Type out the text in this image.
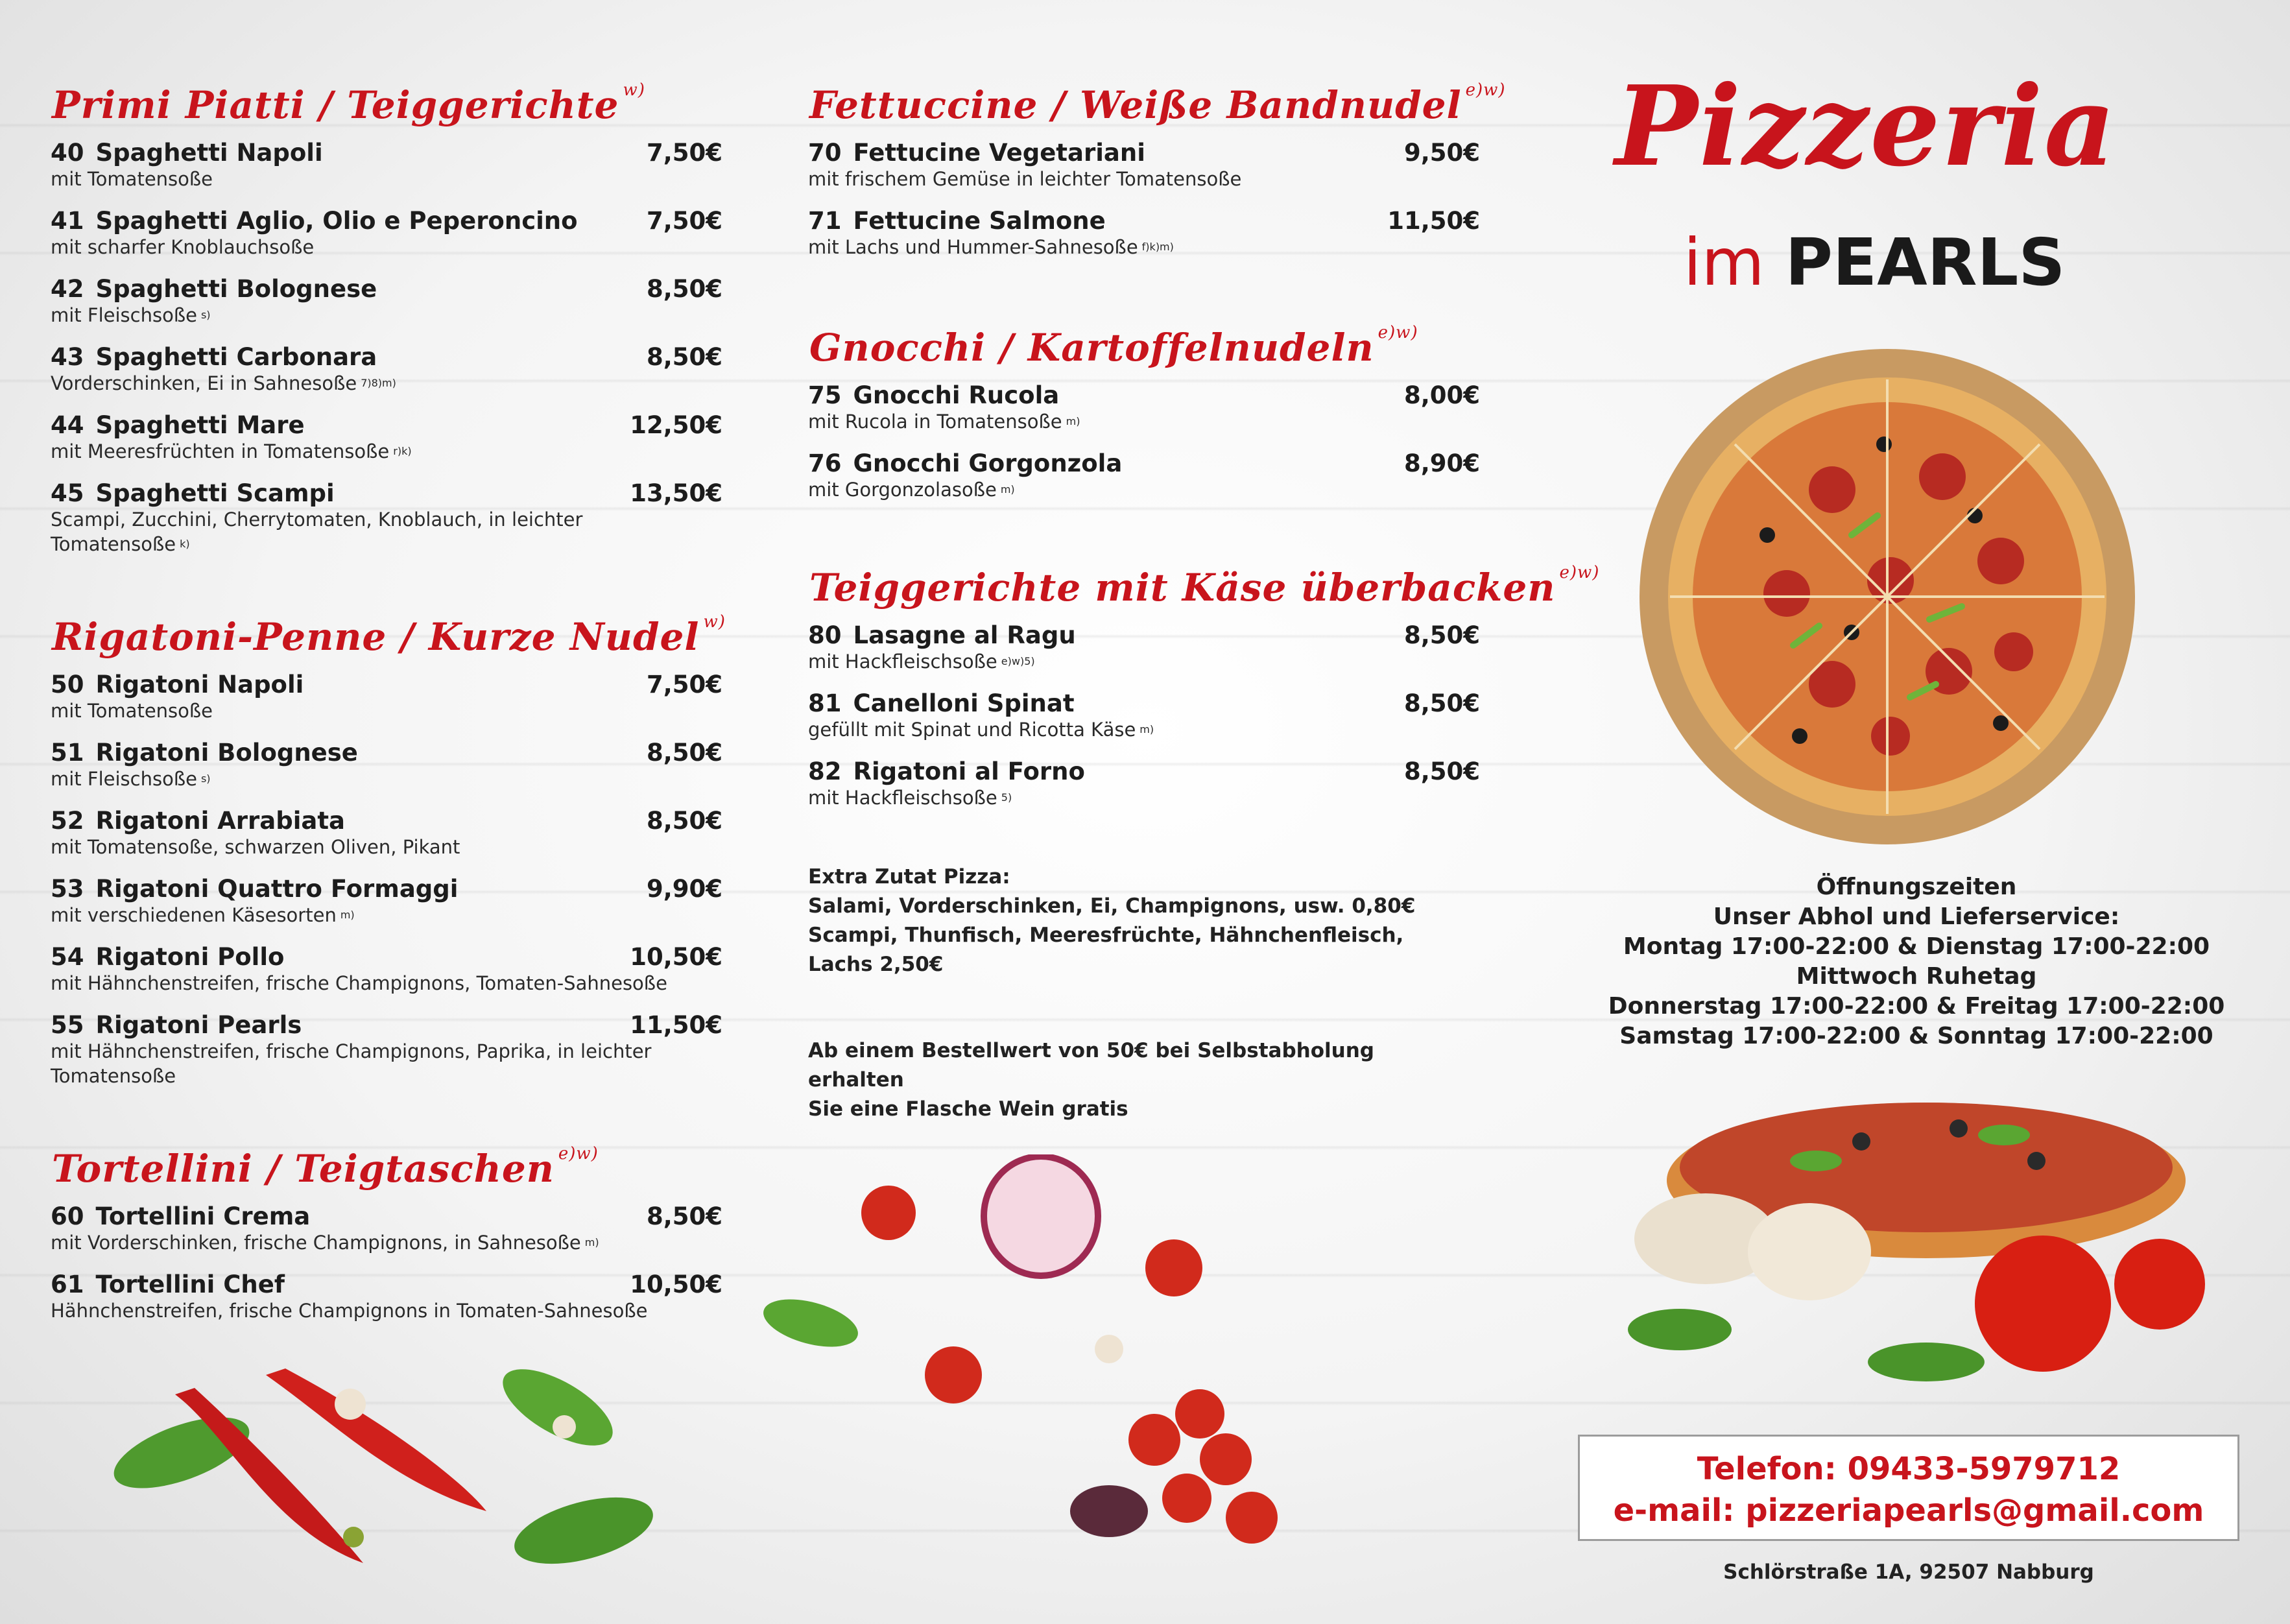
Primi Piatti / Teiggerichte $^{w)}$
40 Spaghetti Napoli	7,50€
mit Tomatensoße
41 Spaghetti Aglio, Olio e Peperoncino	7,50€
mit scharfer Knoblauchsoße
42 Spaghetti Bolognese	8,50€
mit Fleischsoße $^{s)}$
43 Spaghetti Carbonara	8,50€
Vorderschinken, Ei in Sahnesoße $^{7)8)m)}$
44 Spaghetti Mare	12,50€
mit Meeresfrüchten in Tomatensoße $^{r)k)}$
45 Spaghetti Scampi	13,50€
Scampi, Zucchini, Cherrytomaten, Knoblauch, in leichter Tomatensoße $^{k)}$
Rigatoni-Penne / Kurze Nudel $^{w)}$
50 Rigatoni Napoli	7,50€
mit Tomatensoße
51 Rigatoni Bolognese	8,50€
mit Fleischsoße $^{s)}$
52 Rigatoni Arrabiata	8,50€
mit Tomatensoße, schwarzen Oliven, Pikant
53 Rigatoni Quattro Formaggi	9,90€
mit verschiedenen Käsesorten $^{m)}$
54 Rigatoni Pollo	10,50€
mit Hähnchenstreifen, frische Champignons, Tomaten-Sahnesoße
55 Rigatoni Pearls	11,50€
mit Hähnchenstreifen, frische Champignons, Paprika, in leichter Tomatensoße
Tortellini / Teigtaschen $^{e)w)}$
60 Tortellini Crema	8,50€
mit Vorderschinken, frische Champignons, in Sahnesoße $^{m)}$
61 Tortellini Chef	10,50€
Hähnchenstreifen, frische Champignons in Tomaten-Sahnesoße
Fettuccine / Weiße Bandnudel $^{e)w)}$
70 Fettucine Vegetariani	9,50€
mit frischem Gemüse in leichter Tomatensoße
71 Fettucine Salmone	11,50€
mit Lachs und Hummer-Sahnesoße $^{f)k)m)}$
Gnocchi / Kartoffelnudeln $^{e)w)}$
75 Gnocchi Rucola	8,00€
mit Rucola in Tomatensoße $^{m)}$
76 Gnocchi Gorgonzola	8,90€
mit Gorgonzolasoße $^{m)}$
Teiggerichte mit Käse überbacken $^{e)w)}$
80 Lasagne al Ragu	8,50€
mit Hackfleischsoße $^{e)w)5)}$
81 Canelloni Spinat	8,50€
gefüllt mit Spinat und Ricotta Käse $^{m)}$
82 Rigatoni al Forno	8,50€
mit Hackfleischsoße $^{5)}$
Extra Zutat Pizza:
Salami, Vorderschinken, Ei, Champignons, usw. 0,80€
Scampi, Thunfisch, Meeresfrüchte, Hähnchenfleisch,
Lachs 2,50€
Ab einem Bestellwert von 50€ bei Selbstabholung erhalten
Sie eine Flasche Wein gratis
Pizzeria
im PEARLS
Öffnungszeiten
Unser Abhol und Lieferservice:
Montag 17:00-22:00 & Dienstag 17:00-22:00
Mittwoch Ruhetag
Donnerstag 17:00-22:00 & Freitag 17:00-22:00
Samstag 17:00-22:00 & Sonntag 17:00-22:00
Telefon: 09433-5979712
e-mail: pizzeriapearls@gmail.com
Schlörstraße 1A, 92507 Nabburg
